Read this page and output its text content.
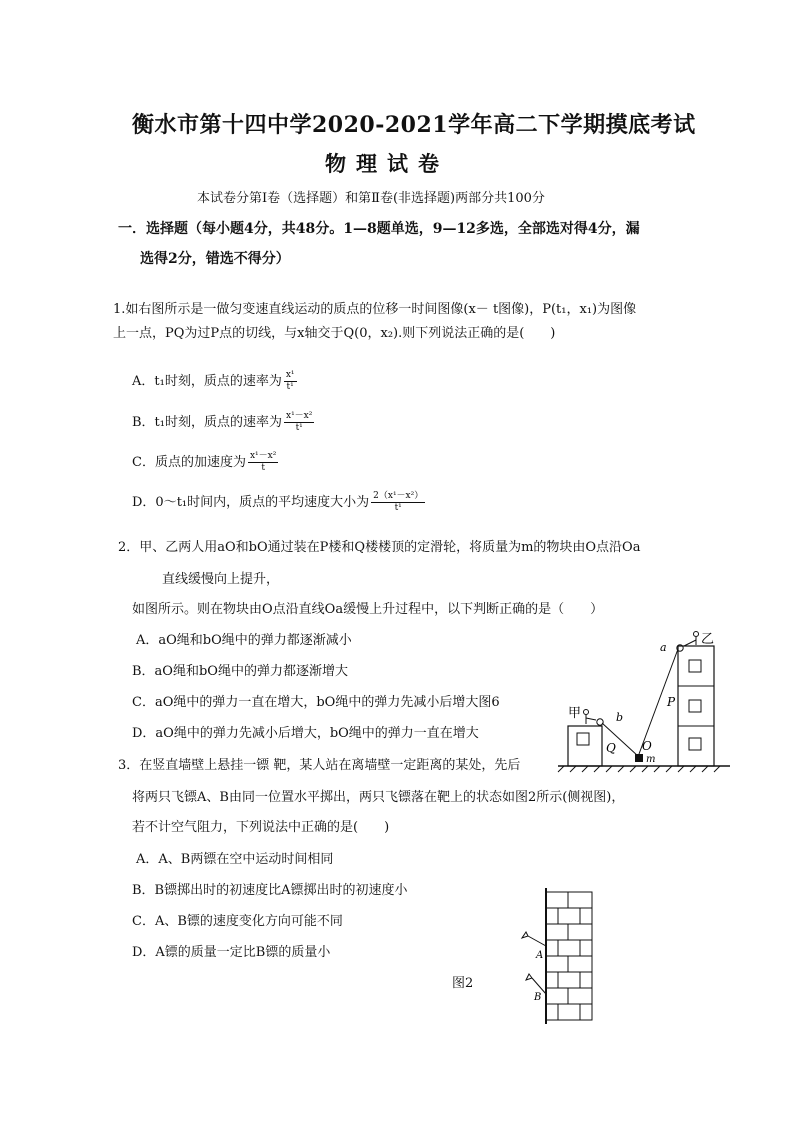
衡水市第十四中学2020-2021学年高二下学期摸底考试
物理试卷
本试卷分第Ⅰ卷（选择题）和第Ⅱ卷(非选择题)两部分共100分
一．选择题（每小题4分，共48分。1—8题单选，9—12多选，全部选对得4分，漏
选得2分，错选不得分）
1.如右图所示是一做匀变速直线运动的质点的位移一时间图像(x－ t图像)，P(t₁，x₁)为图像
上一点，PQ为过P点的切线，与x轴交于Q(0，x₂).则下列说法正确的是(　　)
A．t₁时刻，质点的速率为 $\frac{\text{x¹}}{\text{t¹}}$
B．t₁时刻，质点的速率为 $\frac{\text{x¹－x²}}{\text{t¹}}$
C．质点的加速度为 $\frac{\text{x¹－x²}}{t}$
D．0～t₁时间内，质点的平均速度大小为 $\frac{\text{2（x¹－x²）}}{\text{t¹}}$
2．甲、乙两人用aO和bO通过装在P楼和Q楼楼顶的定滑轮，将质量为m的物块由O点沿Oa
直线缓慢向上提升，
如图所示。则在物块由O点沿直线Oa缓慢上升过程中，以下判断正确的是（　　）
A．aO绳和bO绳中的弹力都逐渐减小
B．aO绳和bO绳中的弹力都逐渐增大
C．aO绳中的弹力一直在增大，bO绳中的弹力先减小后增大图6
D．aO绳中的弹力先减小后增大，bO绳中的弹力一直在增大
乙
a
P
甲	b
Q O
m
3．在竖直墙壁上悬挂一镖 靶，某人站在离墙壁一定距离的某处，先后
将两只飞镖A、B由同一位置水平掷出，两只飞镖落在靶上的状态如图2所示(侧视图)，
若不计空气阻力，下列说法中正确的是(　　)
A．A、B两镖在空中运动时间相同
B．B镖掷出时的初速度比A镖掷出时的初速度小
C．A、B镖的速度变化方向可能不同
D．A镖的质量一定比B镖的质量小
图2
A
B
